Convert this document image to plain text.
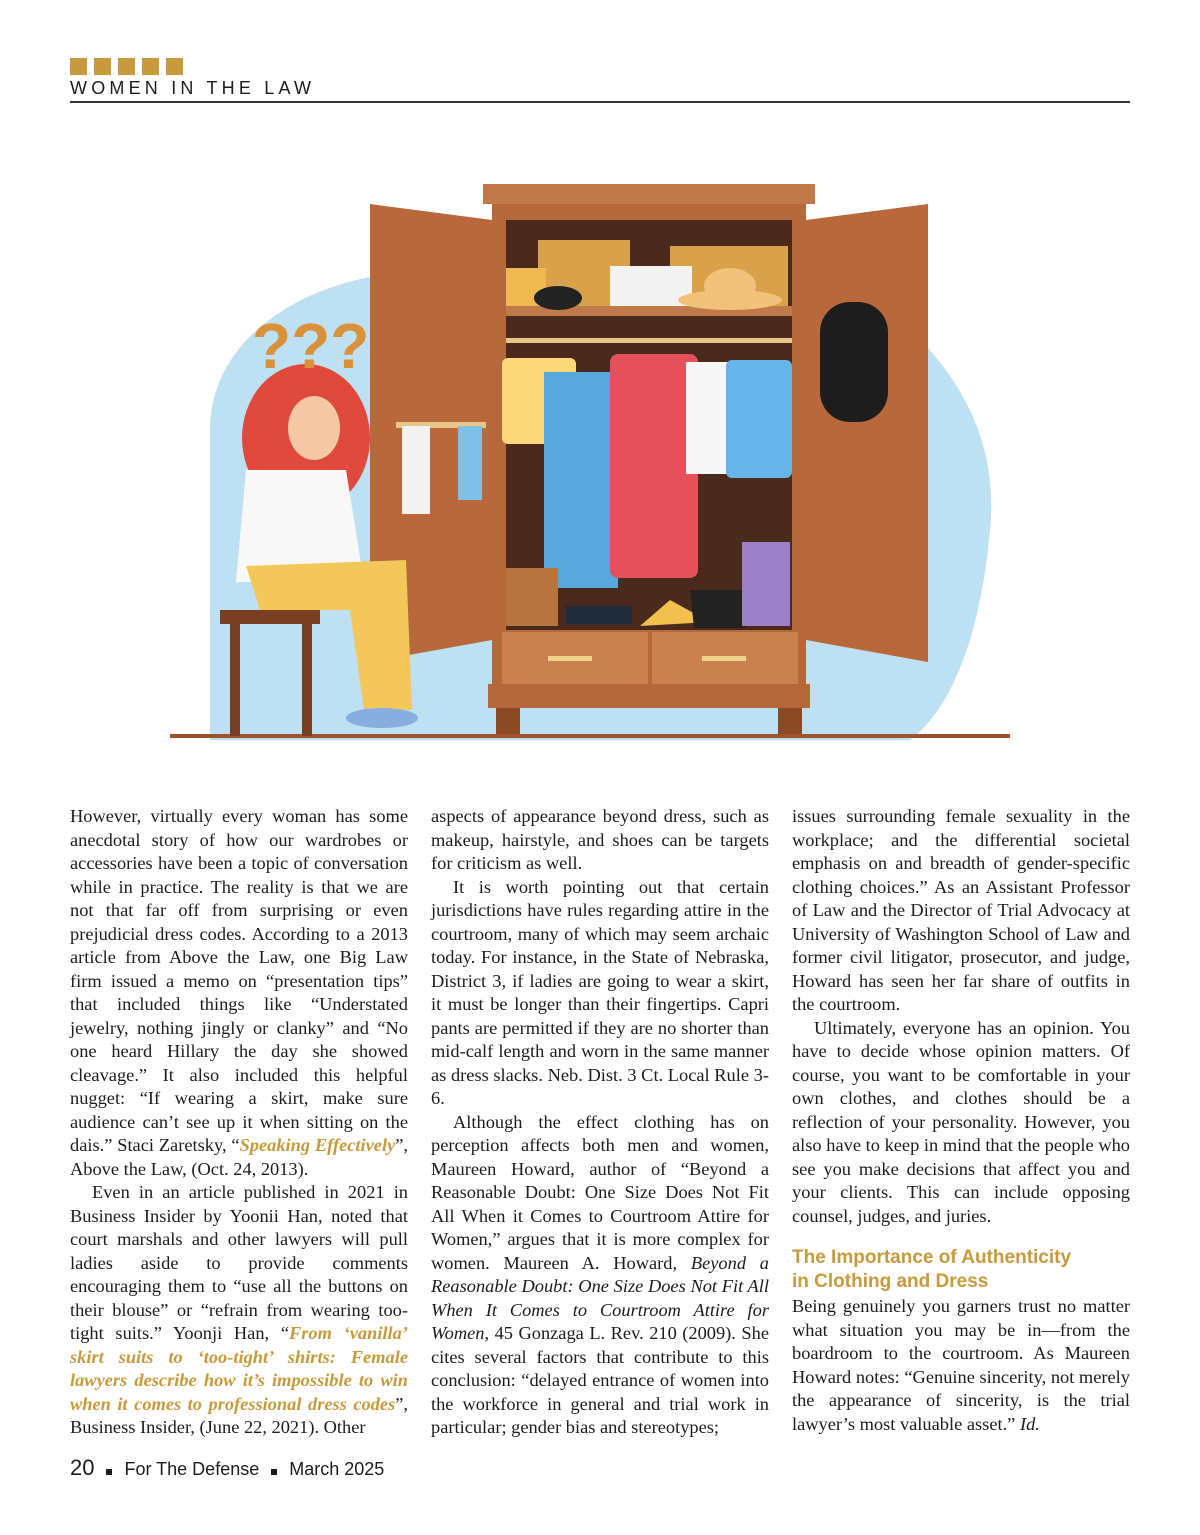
WOMEN IN THE LAW
???

However, virtually every woman has some anecdotal story of how our wardrobes or accessories have been a topic of conversation while in practice. The reality is that we are not that far off from surprising or even prejudicial dress codes. According to a 2013 article from Above the Law, one Big Law firm issued a memo on “presentation tips” that included things like “Understated jewelry, nothing jingly or clanky” and “No one heard Hillary the day she showed cleavage.” It also included this helpful nugget: “If wearing a skirt, make sure audience can’t see up it when sitting on the dais.” Staci Zaretsky, “Speaking Effectively”, Above the Law, (Oct. 24, 2013).

Even in an article published in 2021 in Business Insider by Yoonii Han, noted that court marshals and other lawyers will pull ladies aside to provide comments encouraging them to “use all the buttons on their blouse” or “refrain from wearing too-tight suits.” Yoonji Han, “From ‘vanilla’ skirt suits to ‘too-tight’ shirts: Female lawyers describe how it’s impossible to win when it comes to professional dress codes”, Business Insider, (June 22, 2021). Other

aspects of appearance beyond dress, such as makeup, hairstyle, and shoes can be targets for criticism as well.

It is worth pointing out that certain jurisdictions have rules regarding attire in the courtroom, many of which may seem archaic today. For instance, in the State of Nebraska, District 3, if ladies are going to wear a skirt, it must be longer than their fingertips. Capri pants are permitted if they are no shorter than mid-calf length and worn in the same manner as dress slacks. Neb. Dist. 3 Ct. Local Rule 3-6.

Although the effect clothing has on perception affects both men and women, Maureen Howard, author of “Beyond a Reasonable Doubt: One Size Does Not Fit All When it Comes to Courtroom Attire for Women,” argues that it is more complex for women. Maureen A. Howard, Beyond a Reasonable Doubt: One Size Does Not Fit All When It Comes to Courtroom Attire for Women, 45 Gonzaga L. Rev. 210 (2009). She cites several factors that contribute to this conclusion: “delayed entrance of women into the workforce in general and trial work in particular; gender bias and stereotypes;

issues surrounding female sexuality in the workplace; and the differential societal emphasis on and breadth of gender-specific clothing choices.” As an Assistant Professor of Law and the Director of Trial Advocacy at University of Washington School of Law and former civil litigator, prosecutor, and judge, Howard has seen her far share of outfits in the courtroom.

Ultimately, everyone has an opinion. You have to decide whose opinion matters. Of course, you want to be comfortable in your own clothes, and clothes should be a reflection of your personality. However, you also have to keep in mind that the people who see you make decisions that affect you and your clients. This can include opposing counsel, judges, and juries.

The Importance of Authenticity
in Clothing and Dress

Being genuinely you garners trust no matter what situation you may be in—from the boardroom to the courtroom. As Maureen Howard notes: “Genuine sincerity, not merely the appearance of sincerity, is the trial lawyer’s most valuable asset.” Id.

20 For The Defense March 2025
